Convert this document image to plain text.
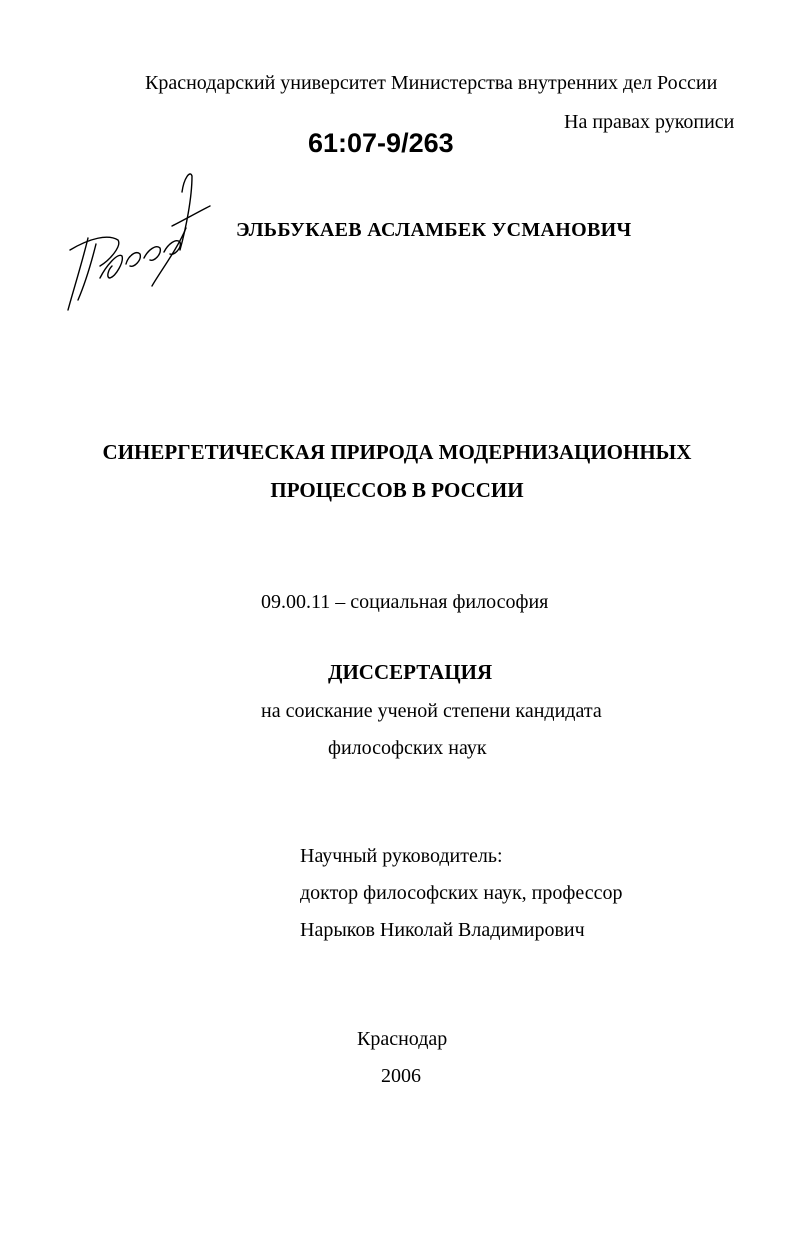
Краснодарский университет Министерства внутренних дел России
На правах рукописи
61:07-9/263
ЭЛЬБУКАЕВ АСЛАМБЕК УСМАНОВИЧ
СИНЕРГЕТИЧЕСКАЯ ПРИРОДА МОДЕРНИЗАЦИОННЫХ
ПРОЦЕССОВ В РОССИИ
09.00.11 – социальная философия
ДИССЕРТАЦИЯ
на соискание ученой степени кандидата
философских наук
Научный руководитель:
доктор философских наук, профессор
Нарыков Николай Владимирович
Краснодар
2006
